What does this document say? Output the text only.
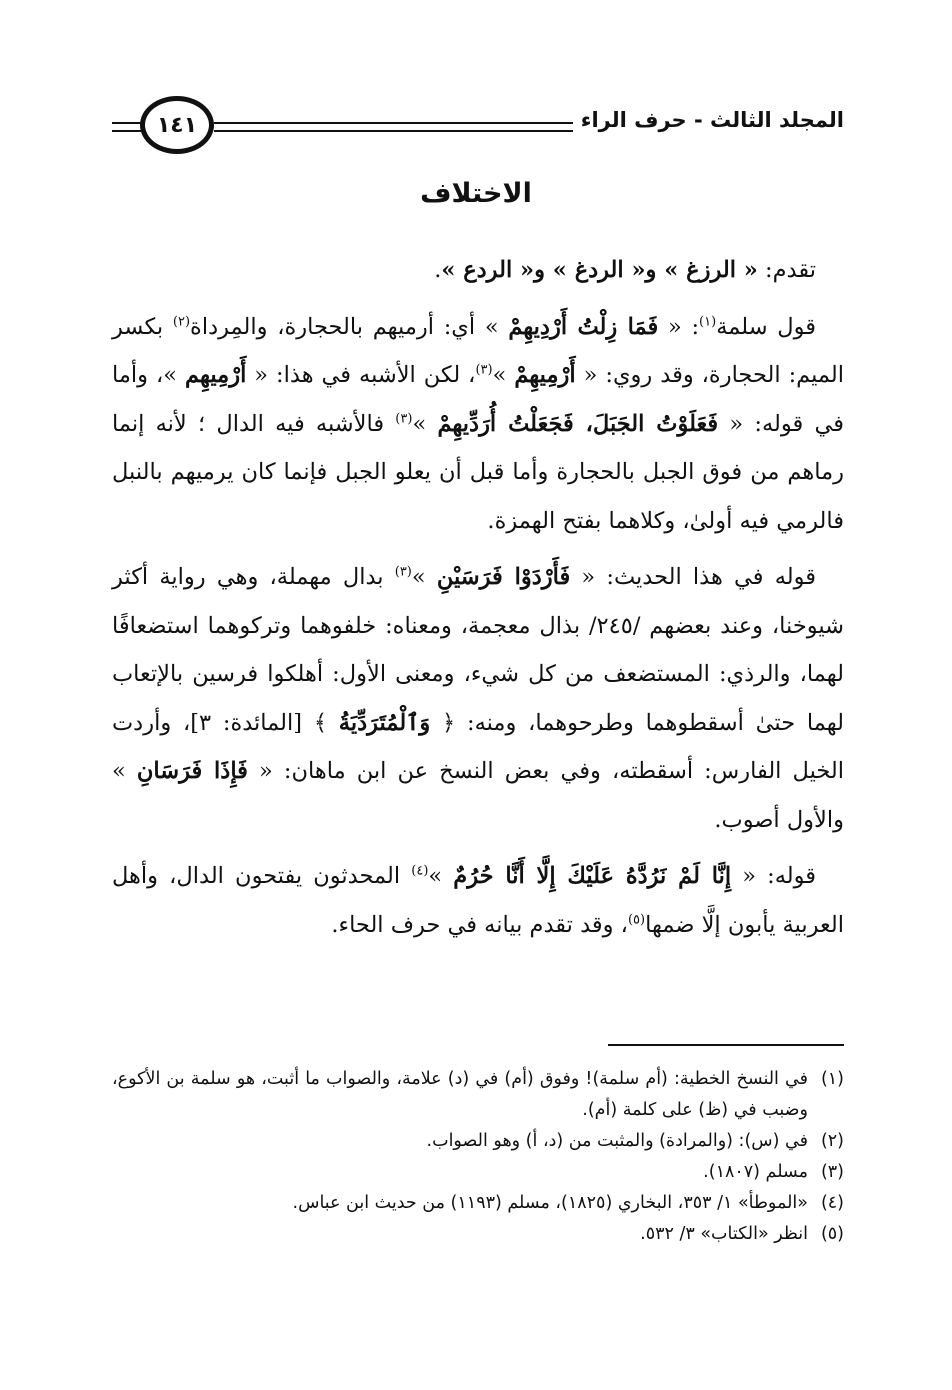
المجلد الثالث - حرف الراء
١٤١
الاختلاف

تقدم: « الرزغ » و« الردغ » و« الردع ».

قول سلمة$^{(١)}$: « فَمَا زِلْتُ أَرْدِيهِمْ » أي: أرميهم بالحجارة، والمِرداة$^{(٢)}$ بكسر الميم: الحجارة، وقد روي: « أَرْمِيهِمْ »$^{(٣)}$، لكن الأشبه في هذا: « أَرْمِيهِم »، وأما في قوله: « فَعَلَوْتُ الجَبَلَ، فَجَعَلْتُ أُرَدِّيهِمْ »$^{(٣)}$ فالأشبه فيه الدال ؛ لأنه إنما رماهم من فوق الجبل بالحجارة وأما قبل أن يعلو الجبل فإنما كان يرميهم بالنبل فالرمي فيه أولىٰ، وكلاهما بفتح الهمزة.

قوله في هذا الحديث: « فَأَرْدَوْا فَرَسَيْنِ »$^{(٣)}$ بدال مهملة، وهي رواية أكثر شيوخنا، وعند بعضهم /٢٤٥/ بذال معجمة، ومعناه: خلفوهما وتركوهما استضعافًا لهما، والرذي: المستضعف من كل شيء، ومعنى الأول: أهلكوا فرسين بالإتعاب لهما حتىٰ أسقطوهما وطرحوهما، ومنه: ﴿ وَٱلْمُتَرَدِّيَةُ ﴾ [المائدة: ٣]، وأردت الخيل الفارس: أسقطته، وفي بعض النسخ عن ابن ماهان: « فَإِذَا فَرَسَانِ » والأول أصوب.

قوله: « إِنَّا لَمْ نَرُدَّهُ عَلَيْكَ إِلَّا أَنَّا حُرُمٌ »$^{(٤)}$ المحدثون يفتحون الدال، وأهل العربية يأبون إلَّا ضمها$^{(٥)}$، وقد تقدم بيانه في حرف الحاء.

(١)
في النسخ الخطية: (أم سلمة)! وفوق (أم) في (د) علامة، والصواب ما أثبت، هو سلمة بن الأكوع، وضبب في (ظ) على كلمة (أم).
(٢)
في (س): (والمرادة) والمثبت من (د، أ) وهو الصواب.
(٣)
مسلم (١٨٠٧).
(٤)
«الموطأ» ١/ ٣٥٣، البخاري (١٨٢٥)، مسلم (١١٩٣) من حديث ابن عباس.
(٥)
انظر «الكتاب» ٣/ ٥٣٢.
